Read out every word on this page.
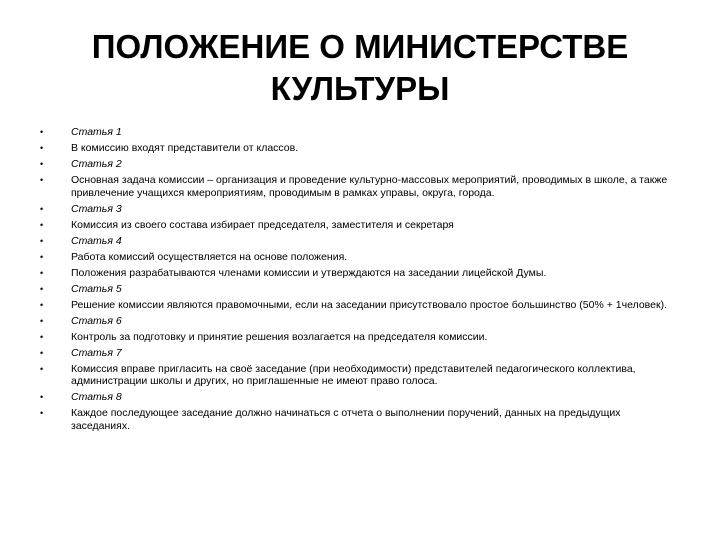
ПОЛОЖЕНИЕ О МИНИСТЕРСТВЕ
КУЛЬТУРЫ
•	Статья 1
•	В комиссию входят представители от классов.
•	Статья 2
•	Основная задача комиссии – организация и проведение культурно-массовых мероприятий, проводимых в школе, а также привлечение учащихся кмероприятиям, проводимым в рамках управы, округа, города.
•	Статья 3
•	Комиссия из своего состава избирает председателя, заместителя и секретаря
•	Статья 4
•	Работа комиссий осуществляется на основе положения.
•	Положения разрабатываются членами комиссии и утверждаются на заседании лицейской Думы.
•	Статья 5
•	Решение комиссии являются правомочными, если на заседании присутствовало простое большинство (50% + 1человек).
•	Статья 6
•	Контроль за подготовку и принятие решения возлагается на председателя комиссии.
•	Статья 7
•	Комиссия вправе пригласить на своё заседание (при необходимости) представителей педагогического коллектива, администрации школы и других, но приглашенные не имеют право голоса.
•	Статья 8
•	Каждое последующее заседание должно начинаться с отчета о выполнении поручений, данных на предыдущих заседаниях.
